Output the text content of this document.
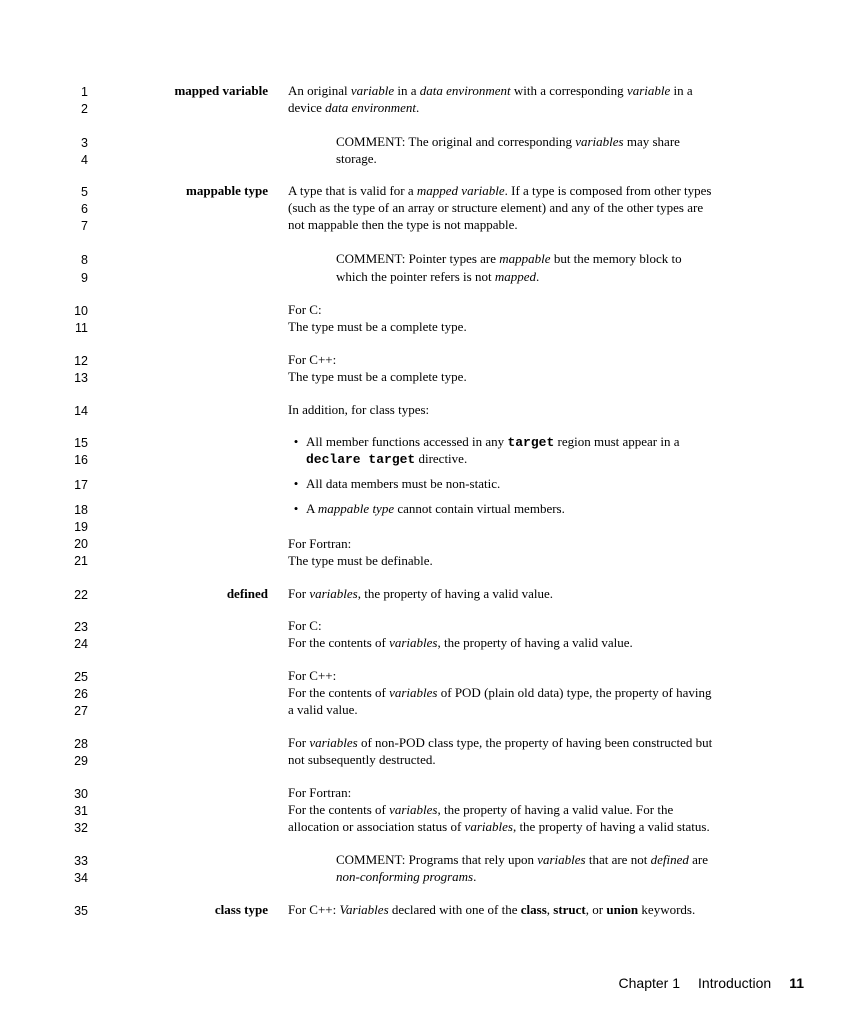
1
2
3
4
5
6
7
8
9
10
11
12
13
14
15
16
17
18
19
20
21
22
23
24
25
26
27
28
29
30
31
32
33
34
35
mapped variable
mappable type
defined
class type
An original variable in a data environment with a corresponding variable in a
device data environment.
COMMENT: The original and corresponding variables may share
storage.
A type that is valid for a mapped variable. If a type is composed from other types
(such as the type of an array or structure element) and any of the other types are
not mappable then the type is not mappable.
COMMENT: Pointer types are mappable but the memory block to
which the pointer refers is not mapped.
For C:
The type must be a complete type.
For C++:
The type must be a complete type.
In addition, for class types:
• All member functions accessed in any target region must appear in a
declare target directive.
• All data members must be non-static.
• A mappable type cannot contain virtual members.
For Fortran:
The type must be definable.
For variables, the property of having a valid value.
For C:
For the contents of variables, the property of having a valid value.
For C++:
For the contents of variables of POD (plain old data) type, the property of having
a valid value.
For variables of non-POD class type, the property of having been constructed but
not subsequently destructed.
For Fortran:
For the contents of variables, the property of having a valid value. For the
allocation or association status of variables, the property of having a valid status.
COMMENT: Programs that rely upon variables that are not defined are
non-conforming programs.
For C++: Variables declared with one of the class, struct, or union keywords.
Chapter 1 Introduction 11
